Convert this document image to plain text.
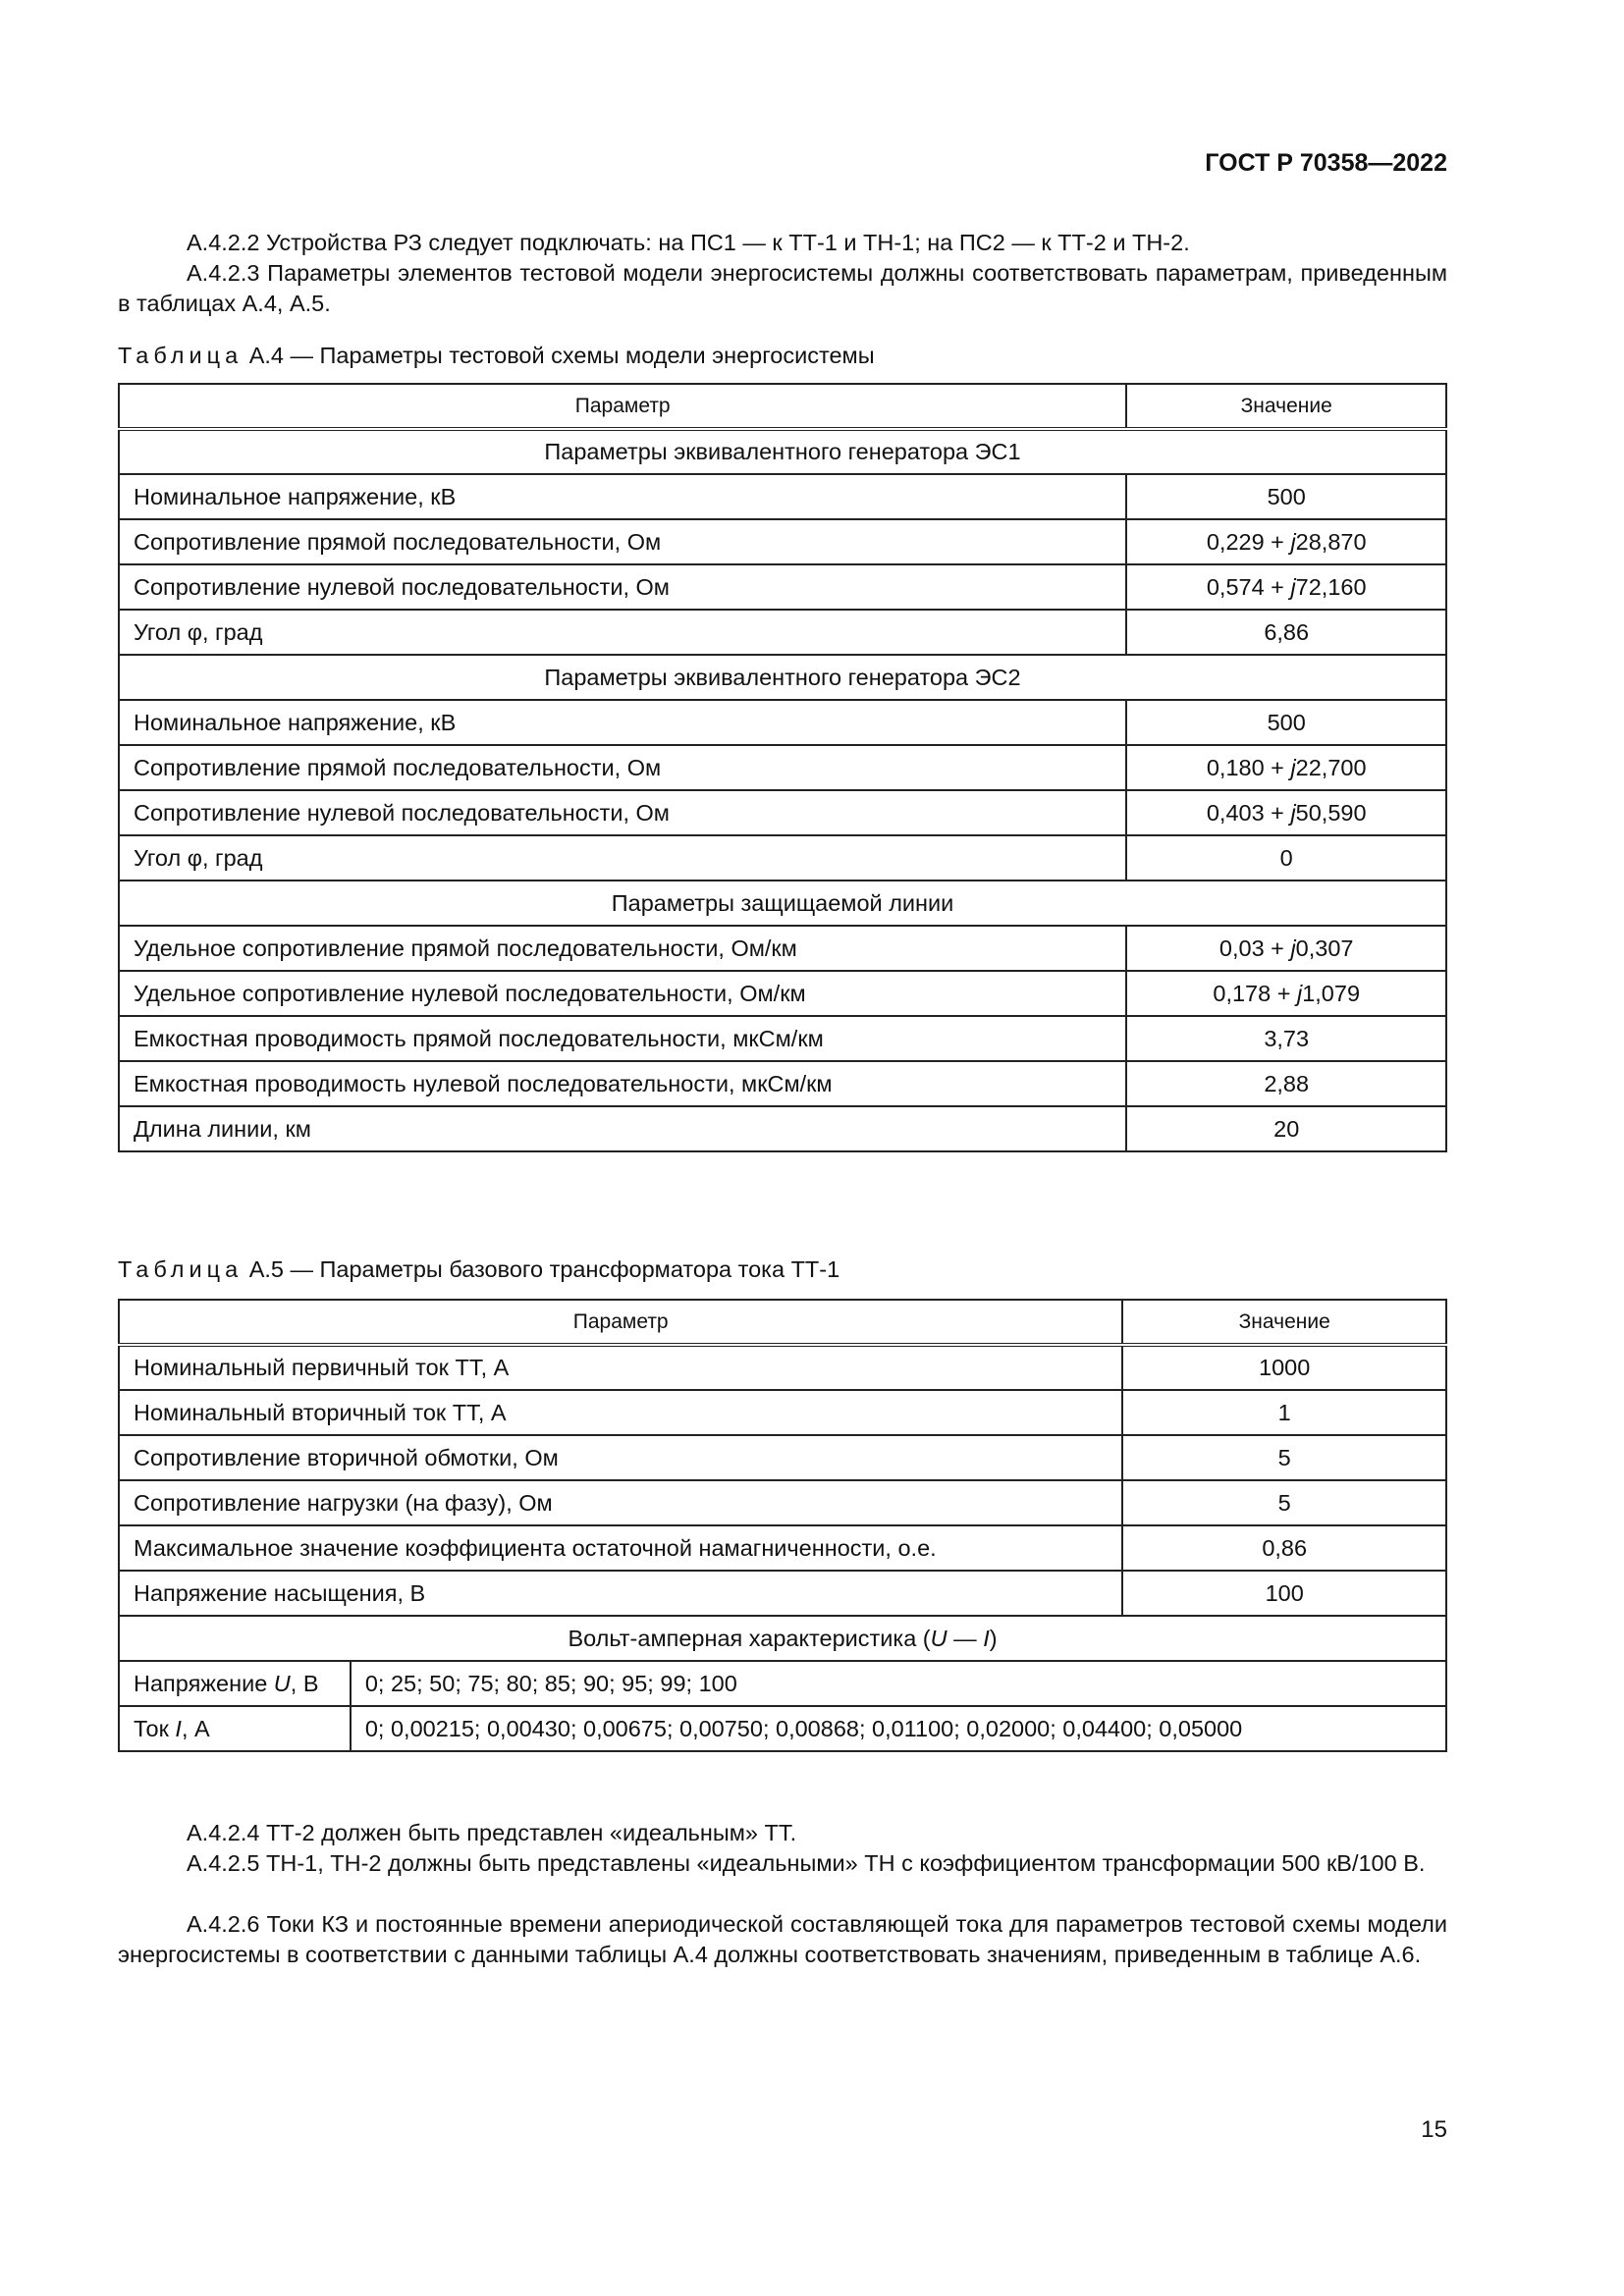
ГОСТ Р 70358—2022
А.4.2.2 Устройства РЗ следует подключать: на ПС1 — к ТТ-1 и ТН-1; на ПС2 — к ТТ-2 и ТН-2.
А.4.2.3 Параметры элементов тестовой модели энергосистемы должны соответствовать параметрам, приведенным в таблицах А.4, А.5.
Таблица А.4 — Параметры тестовой схемы модели энергосистемы
Параметр	Значение
Параметры эквивалентного генератора ЭС1	
Номинальное напряжение, кВ	500
Сопротивление прямой последовательности, Ом	0,229 + j28,870
Сопротивление нулевой последовательности, Ом	0,574 + j72,160
Угол φ, град	6,86
Параметры эквивалентного генератора ЭС2	
Номинальное напряжение, кВ	500
Сопротивление прямой последовательности, Ом	0,180 + j22,700
Сопротивление нулевой последовательности, Ом	0,403 + j50,590
Угол φ, град	0
Параметры защищаемой линии	
Удельное сопротивление прямой последовательности, Ом/км	0,03 + j0,307
Удельное сопротивление нулевой последовательности, Ом/км	0,178 + j1,079
Емкостная проводимость прямой последовательности, мкСм/км	3,73
Емкостная проводимость нулевой последовательности, мкСм/км	2,88
Длина линии, км	20
Таблица А.5 — Параметры базового трансформатора тока ТТ-1
Параметр		Значение
Номинальный первичный ток ТТ, А		1000
Номинальный вторичный ток ТТ, А		1
Сопротивление вторичной обмотки, Ом		5
Сопротивление нагрузки (на фазу), Ом		5
Максимальное значение коэффициента остаточной намагниченности, о.е.		0,86
Напряжение насыщения, В		100
Вольт-амперная характеристика (U — I)		
Напряжение U, В	0; 25; 50; 75; 80; 85; 90; 95; 99; 100	
Ток I, А	0; 0,00215; 0,00430; 0,00675; 0,00750; 0,00868; 0,01100; 0,02000; 0,04400; 0,05000	
А.4.2.4 ТТ-2 должен быть представлен «идеальным» ТТ.
А.4.2.5 ТН-1, ТН-2 должны быть представлены «идеальными» ТН с коэффициентом трансформации 500 кВ/100 В.
А.4.2.6 Токи КЗ и постоянные времени апериодической составляющей тока для параметров тестовой схемы модели энергосистемы в соответствии с данными таблицы А.4 должны соответствовать значениям, приведенным в таблице А.6.
15
